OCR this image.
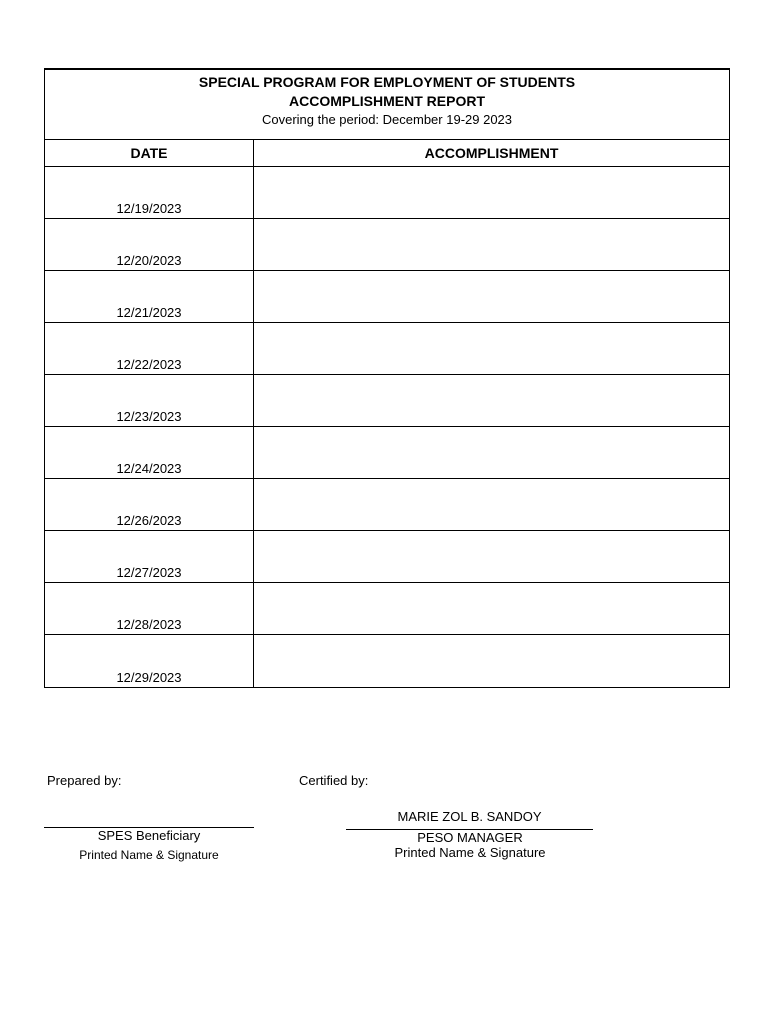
SPECIAL PROGRAM FOR EMPLOYMENT OF STUDENTS
ACCOMPLISHMENT REPORT
Covering the period: December 19-29 2023
DATE	ACCOMPLISHMENT
12/19/2023
12/20/2023
12/21/2023
12/22/2023
12/23/2023
12/24/2023
12/26/2023
12/27/2023
12/28/2023
12/29/2023
Prepared by:
SPES Beneficiary
Printed Name & Signature
Certified by:
MARIE ZOL B. SANDOY
PESO MANAGER
Printed Name & Signature
